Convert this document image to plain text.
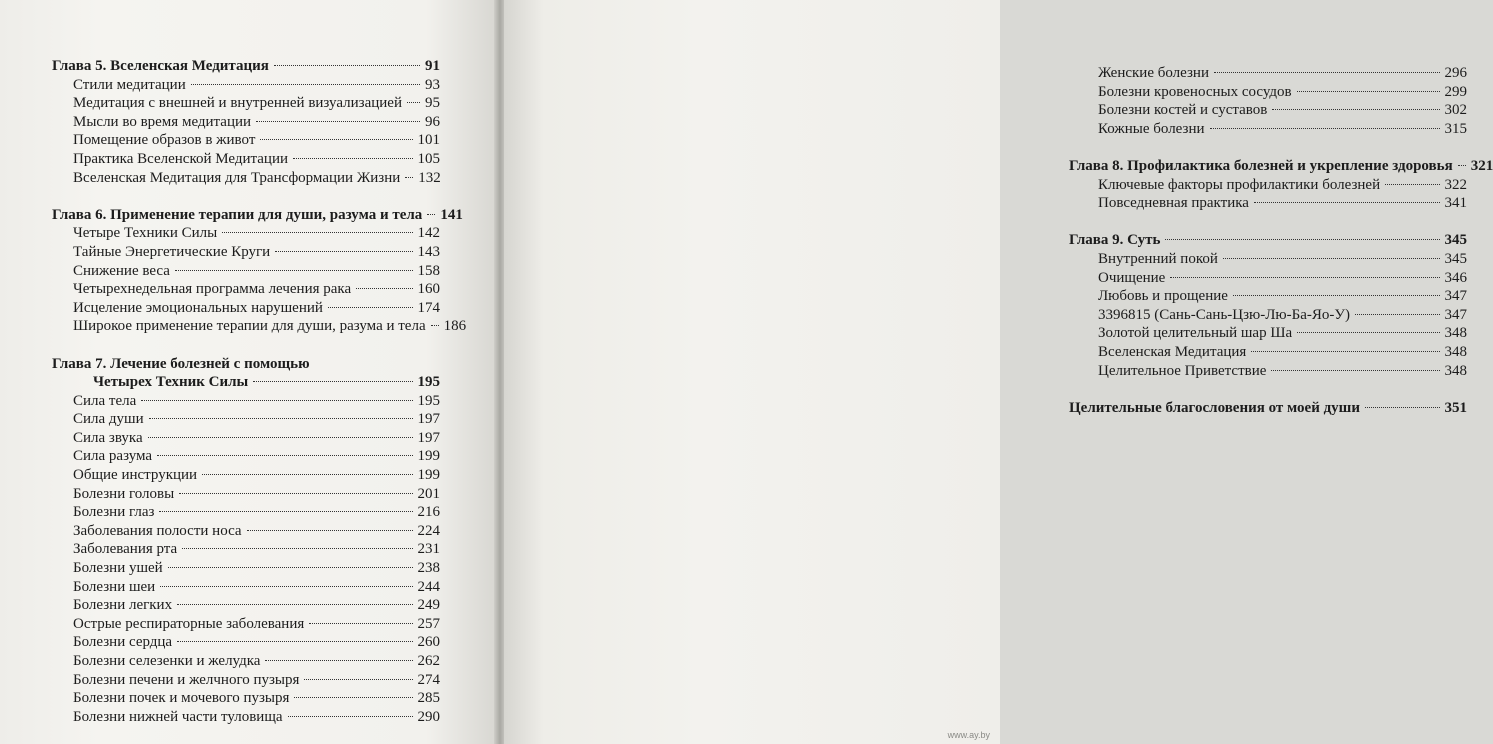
Глава 5. Вселенская Медитация	91
Стили медитации	93
Медитация с внешней и внутренней визуализацией 95
Мысли во время медитации	96
Помещение образов в живот	101
Практика Вселенской Медитации	105
Вселенская Медитация для Трансформации Жизни 132
Глава 6. Применение терапии для души, разума и тела 141
Четыре Техники Силы	142
Тайные Энергетические Круги	143
Снижение веса	158
Четырехнедельная программа лечения рака	160
Исцеление эмоциональных нарушений	174
Широкое применение терапии для души, разума и тела 186
Глава 7. Лечение болезней с помощью
Четырех Техник Силы	195
Сила тела	195
Сила души	197
Сила звука	197
Сила разума	199
Общие инструкции	199
Болезни головы	201
Болезни глаз	216
Заболевания полости носа	224
Заболевания рта	231
Болезни ушей	238
Болезни шеи	244
Болезни легких	249
Острые респираторные заболевания	257
Болезни сердца	260
Болезни селезенки и желудка	262
Болезни печени и желчного пузыря	274
Болезни почек и мочевого пузыря	285
Болезни нижней части туловища	290
Женские болезни	296
Болезни кровеносных сосудов	299
Болезни костей и суставов	302
Кожные болезни	315
Глава 8. Профилактика болезней и укрепление здоровья 321
Ключевые факторы профилактики болезней	322
Повседневная практика	341
Глава 9. Суть	345
Внутренний покой	345
Очищение	346
Любовь и прощение	347
3396815 (Сань-Сань-Цзю-Лю-Ба-Яо-У)	347
Золотой целительный шар Ша	348
Вселенская Медитация	348
Целительное Приветствие	348
Целительные благословения от моей души	351
www.ay.by
